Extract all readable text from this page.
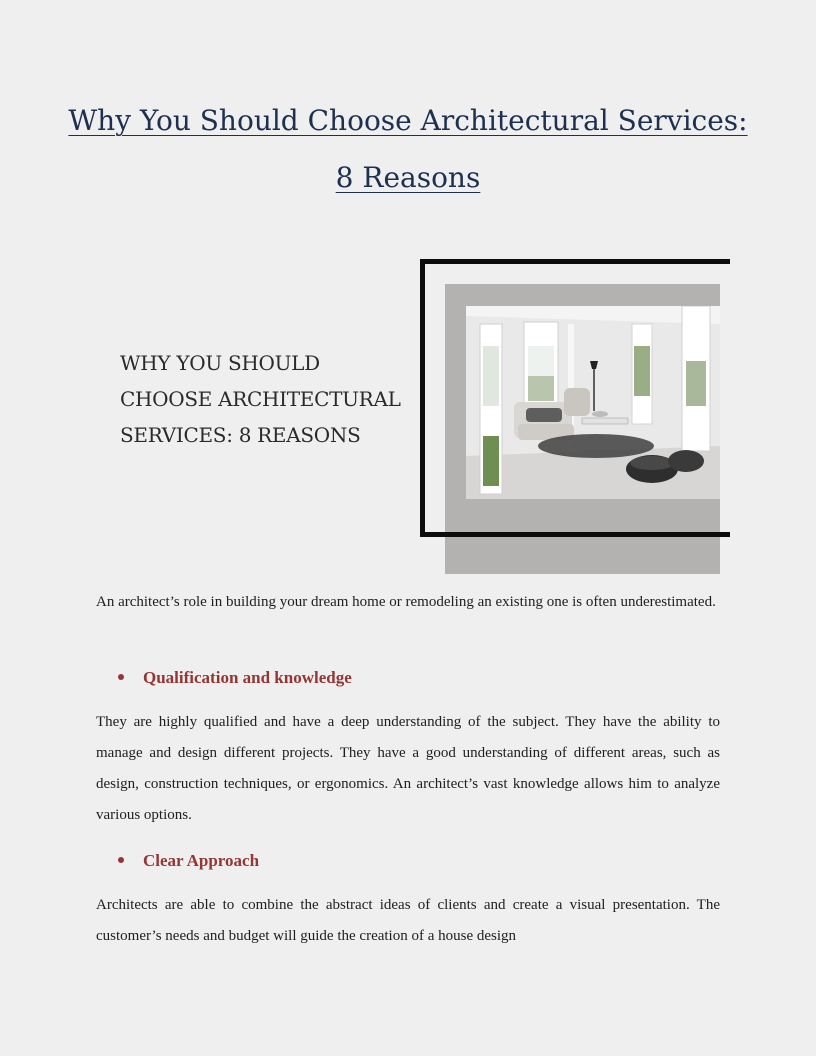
Why You Should Choose Architectural Services:
8 Reasons
WHY YOU SHOULD
CHOOSE ARCHITECTURAL
SERVICES: 8 REASONS

An architect’s role in building your dream home or remodeling an existing one is often underestimated.

Qualification and knowledge

They are highly qualified and have a deep understanding of the subject. They have the ability to manage and design different projects. They have a good understanding of different areas, such as design, construction techniques, or ergonomics. An architect’s vast knowledge allows him to analyze various options.

Clear Approach

Architects are able to combine the abstract ideas of clients and create a visual presentation. The customer’s needs and budget will guide the creation of a house design
